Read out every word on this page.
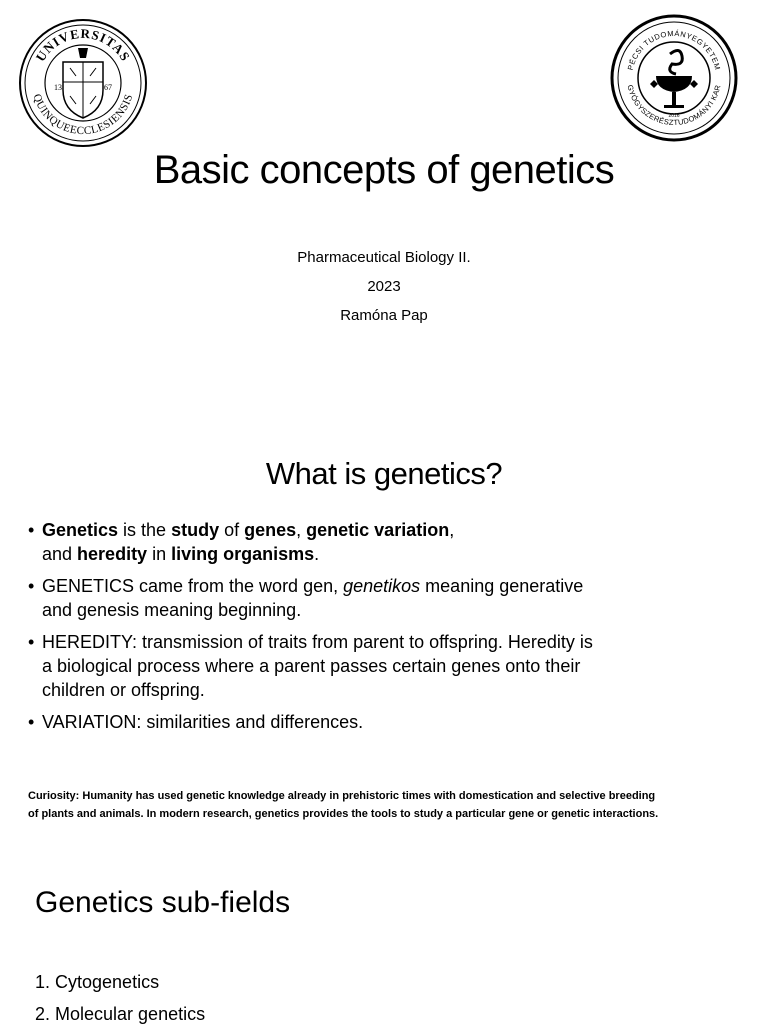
UNIVERSITAS
QUINQUEECCLESIENSIS
13	67
PÉCSI TUDOMÁNYEGYETEM
GYÓGYSZERÉSZTUDOMÁNYI KAR
2016
Basic concepts of genetics
Pharmaceutical Biology II.
2023
Ramóna Pap
What is genetics?
• Genetics is the study of genes, genetic variation,
and heredity in living organisms.
• GENETICS came from the word gen, genetikos meaning generative
and genesis meaning beginning.
• HEREDITY: transmission of traits from parent to offspring. Heredity is
a biological process where a parent passes certain genes onto their
children or offspring.
• VARIATION: similarities and differences.
Curiosity: Humanity has used genetic knowledge already in prehistoric times with domestication and selective breeding
of plants and animals. In modern research, genetics provides the tools to study a particular gene or genetic interactions.
Genetics sub-fields
1. Cytogenetics
2. Molecular genetics
